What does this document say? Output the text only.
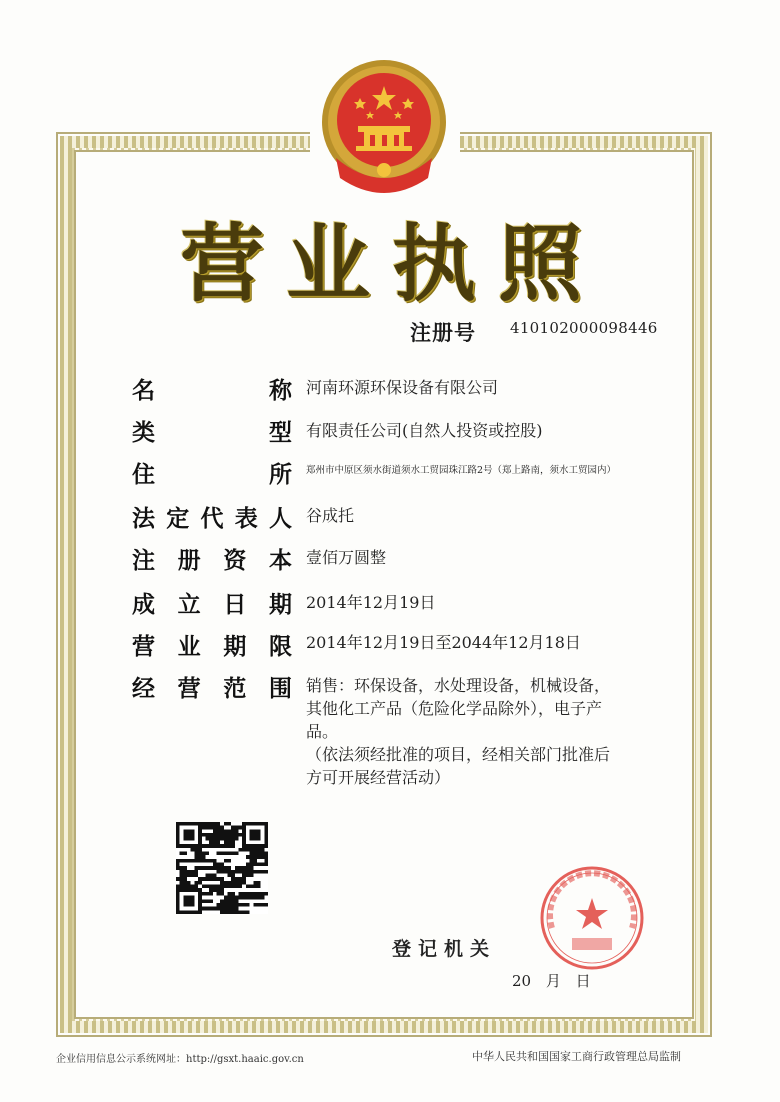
营业执照
注册号 410102000098446
名	称 河南环源环保设备有限公司
类	型 有限责任公司(自然人投资或控股)
住	所 郑州市中原区须水街道须水工贸园珠江路2号（郑上路南，须水工贸园内）
法 定 代 表 人 谷成托
注 册 资 本 壹佰万圆整
成 立 日 期 2014年12月19日
营 业 期 限 2014年12月19日至2044年12月18日
经 营 范 围 销售：环保设备，水处理设备，机械设备，
其他化工产品（危险化学品除外），电子产
品。
（依法须经批准的项目，经相关部门批准后
方可开展经营活动）
登记机关
20 月 日
企业信用信息公示系统网址：http://gsxt.haaic.gov.cn	中华人民共和国国家工商行政管理总局监制
